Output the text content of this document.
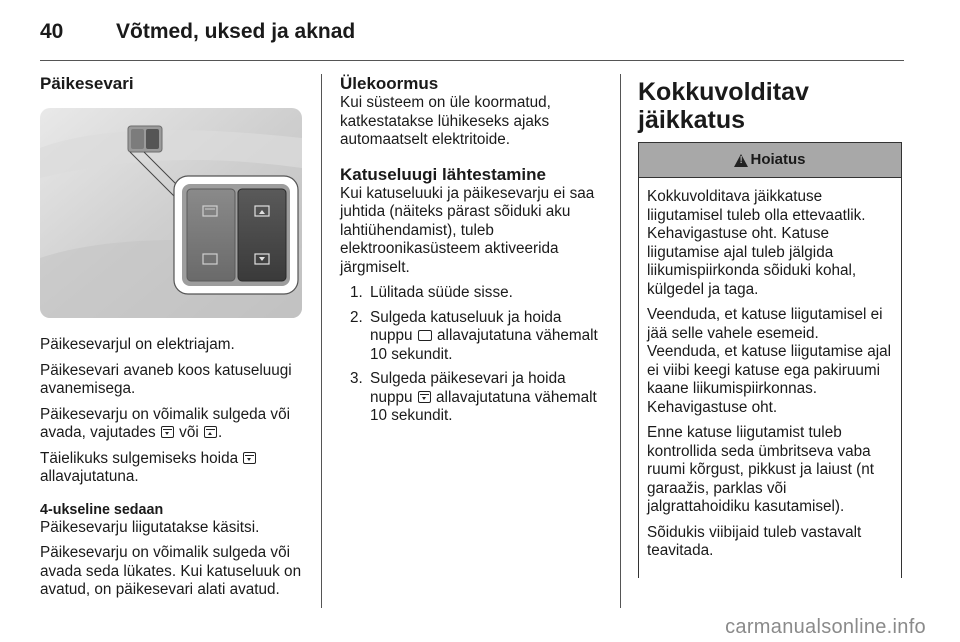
40	Võtmed, uksed ja aknad
Päikesevari

Päikesevarjul on elektriajam.

Päikesevari avaneb koos katuseluugi avanemisega.

Päikesevarju on võimalik sulgeda või avada, vajutades
või
.

Täielikuks sulgemiseks hoida
allavajutatuna.

4-ukseline sedaan

Päikesevarju liigutatakse käsitsi.

Päikesevarju on võimalik sulgeda või avada seda lükates. Kui katuseluuk on avatud, on päikesevari alati avatud.

Ülekoormus

Kui süsteem on üle koormatud, katkestatakse lühikeseks ajaks automaatselt elektritoide.

Katuseluugi lähtestamine

Kui katuseluuki ja päikesevarju ei saa juhtida (näiteks pärast sõiduki aku lahtiühendamist), tuleb elektroonikasüsteem aktiveerida järgmiselt.

1. Lülitada süüde sisse.
2. Sulgeda katuseluuk ja hoida nuppu  allavajutatuna vähemalt 10 sekundit.
3. Sulgeda päikesevari ja hoida nuppu
allavajutatuna vähemalt 10 sekundit.
Kokkuvolditav jäikkatus
!
Hoiatus

Kokkuvolditava jäikkatuse liigutamisel tuleb olla ettevaatlik. Kehavigastuse oht. Katuse liigutamise ajal tuleb jälgida liikumispiirkonda sõiduki kohal, külgedel ja taga.

Veenduda, et katuse liigutamisel ei jää selle vahele esemeid. Veenduda, et katuse liigutamise ajal ei viibi keegi katuse ega pakiruumi kaane liikumispiirkonnas. Kehavigastuse oht.

Enne katuse liigutamist tuleb kontrollida seda ümbritseva vaba ruumi kõrgust, pikkust ja laiust (nt garaažis, parklas või jalgrattahoidiku kasutamisel).

Sõidukis viibijaid tuleb vastavalt teavitada.

carmanualsonline.info
